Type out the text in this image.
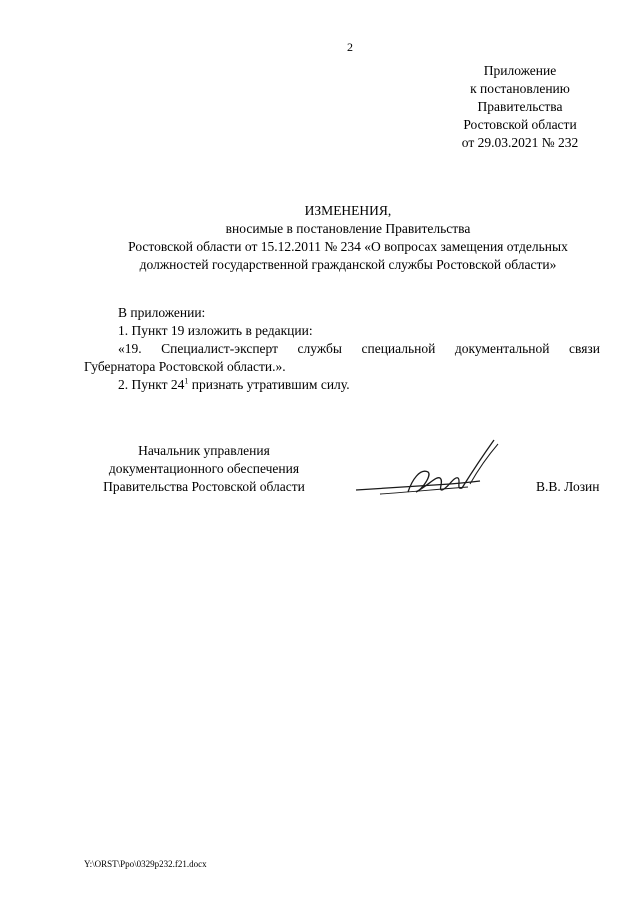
2
Приложение
к постановлению
Правительства
Ростовской области
от 29.03.2021 № 232
ИЗМЕНЕНИЯ,
вносимые в постановление Правительства
Ростовской области от 15.12.2011 № 234 «О вопросах замещения отдельных
должностей государственной гражданской службы Ростовской области»
В приложении:
1. Пункт 19 изложить в редакции:
«19. Специалист-эксперт службы специальной документальной связи
Губернатора Ростовской области.».
2. Пункт $24^1$ признать утратившим силу.
Начальник управления
документационного обеспечения
Правительства Ростовской области	В.В. Лозин
Y:\ORST\Ppo\0329p232.f21.docx
